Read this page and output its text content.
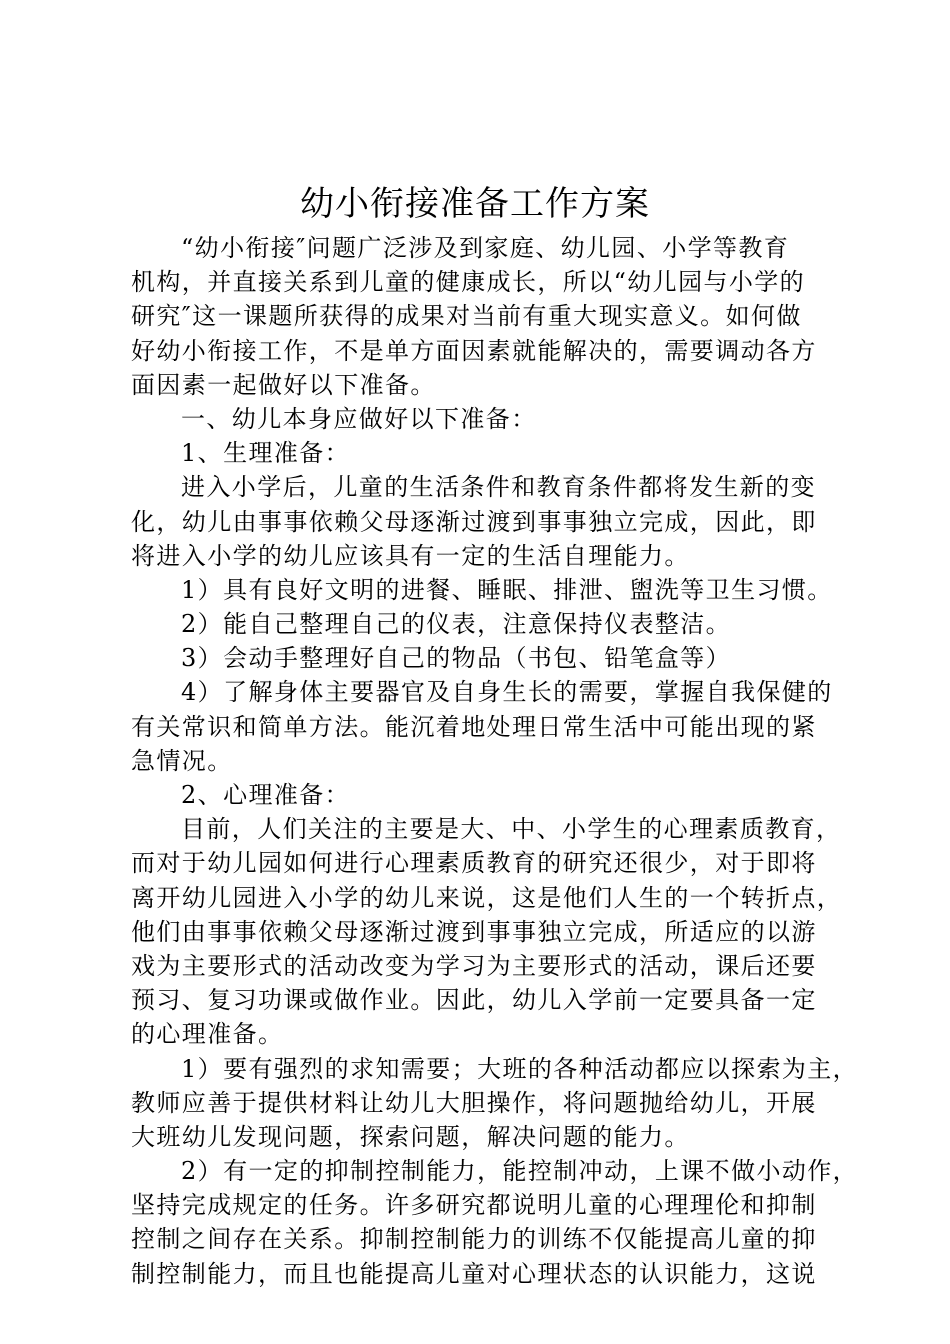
幼小衔接准备工作方案
“幼小衔接″问题广泛涉及到家庭、幼儿园、小学等教育
机构，并直接关系到儿童的健康成长，所以“幼儿园与小学的
研究″这一课题所获得的成果对当前有重大现实意义。如何做
好幼小衔接工作，不是单方面因素就能解决的，需要调动各方
面因素一起做好以下准备。
一、幼儿本身应做好以下准备：
1、生理准备：
进入小学后，儿童的生活条件和教育条件都将发生新的变
化，幼儿由事事依赖父母逐渐过渡到事事独立完成，因此，即
将进入小学的幼儿应该具有一定的生活自理能力。
1）具有良好文明的进餐、睡眠、排泄、盥洗等卫生习惯。
2）能自己整理自己的仪表，注意保持仪表整洁。
3）会动手整理好自己的物品（书包、铅笔盒等）
4）了解身体主要器官及自身生长的需要，掌握自我保健的
有关常识和简单方法。能沉着地处理日常生活中可能出现的紧
急情况。
2、心理准备：
目前，人们关注的主要是大、中、小学生的心理素质教育，
而对于幼儿园如何进行心理素质教育的研究还很少，对于即将
离开幼儿园进入小学的幼儿来说，这是他们人生的一个转折点，
他们由事事依赖父母逐渐过渡到事事独立完成，所适应的以游
戏为主要形式的活动改变为学习为主要形式的活动，课后还要
预习、复习功课或做作业。因此，幼儿入学前一定要具备一定
的心理准备。
1）要有强烈的求知需要；大班的各种活动都应以探索为主，
教师应善于提供材料让幼儿大胆操作，将问题抛给幼儿，开展
大班幼儿发现问题，探索问题，解决问题的能力。
2）有一定的抑制控制能力，能控制冲动，上课不做小动作，
坚持完成规定的任务。许多研究都说明儿童的心理理伦和抑制
控制之间存在关系。抑制控制能力的训练不仅能提高儿童的抑
制控制能力，而且也能提高儿童对心理状态的认识能力，这说
